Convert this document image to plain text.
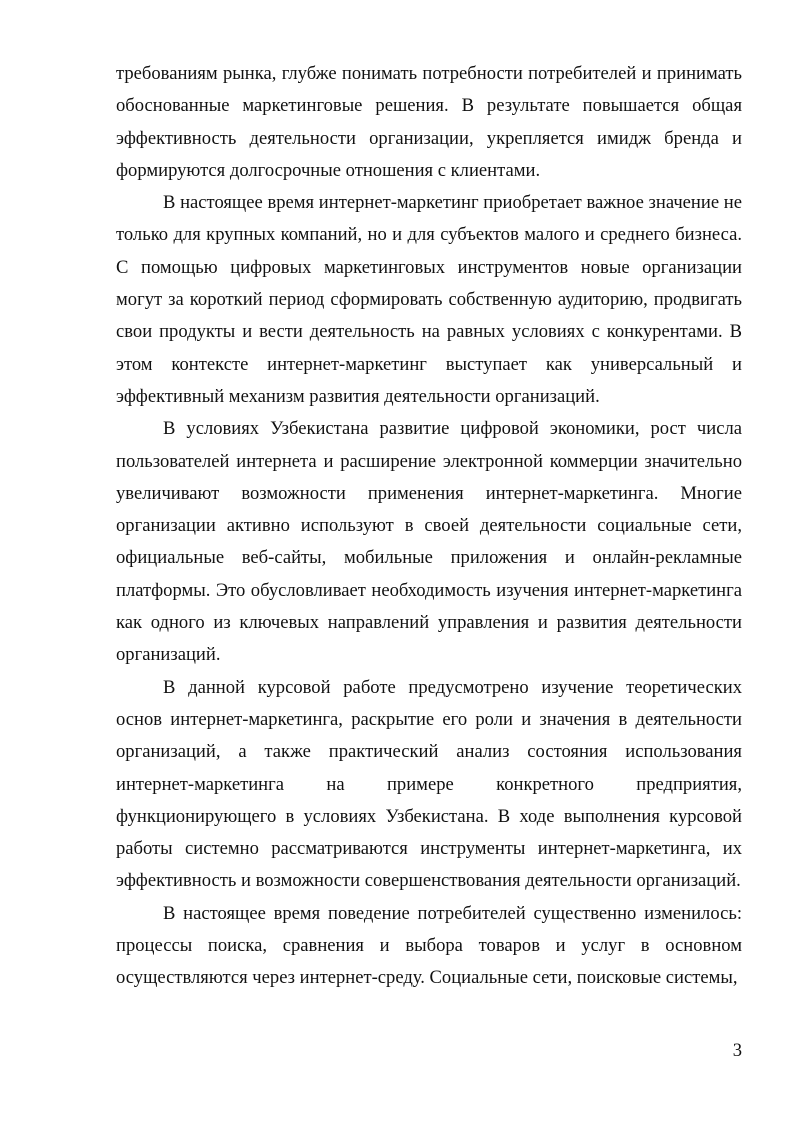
требованиям рынка, глубже понимать потребности потребителей и принимать обоснованные маркетинговые решения. В результате повышается общая эффективность деятельности организации, укрепляется имидж бренда и формируются долгосрочные отношения с клиентами.

В настоящее время интернет-маркетинг приобретает важное значение не только для крупных компаний, но и для субъектов малого и среднего бизнеса. С помощью цифровых маркетинговых инструментов новые организации могут за короткий период сформировать собственную аудиторию, продвигать свои продукты и вести деятельность на равных условиях с конкурентами. В этом контексте интернет-маркетинг выступает как универсальный и эффективный механизм развития деятельности организаций.

В условиях Узбекистана развитие цифровой экономики, рост числа пользователей интернета и расширение электронной коммерции значительно увеличивают возможности применения интернет-маркетинга. Многие организации активно используют в своей деятельности социальные сети, официальные веб-сайты, мобильные приложения и онлайн-рекламные платформы. Это обусловливает необходимость изучения интернет-маркетинга как одного из ключевых направлений управления и развития деятельности организаций.

В данной курсовой работе предусмотрено изучение теоретических основ интернет-маркетинга, раскрытие его роли и значения в деятельности организаций, а также практический анализ состояния использования интернет-маркетинга на примере конкретного предприятия, функционирующего в условиях Узбекистана. В ходе выполнения курсовой работы системно рассматриваются инструменты интернет-маркетинга, их эффективность и возможности совершенствования деятельности организаций.

В настоящее время поведение потребителей существенно изменилось: процессы поиска, сравнения и выбора товаров и услуг в основном осуществляются через интернет-среду. Социальные сети, поисковые системы,

3
